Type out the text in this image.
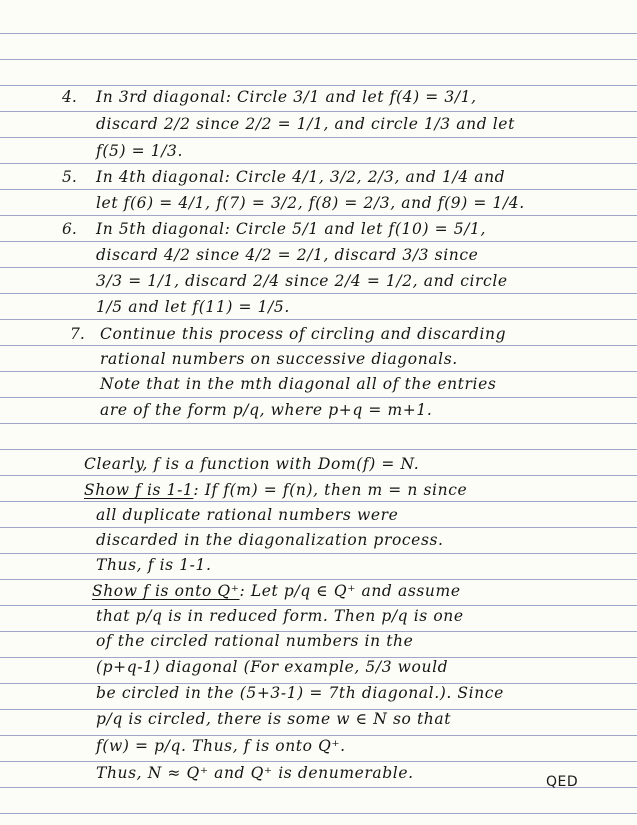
4. In 3rd diagonal: Circle 3/1 and let f(4) = 3/1,
discard 2/2 since 2/2 = 1/1, and circle 1/3 and let
f(5) = 1/3.
5. In 4th diagonal: Circle 4/1, 3/2, 2/3, and 1/4 and
let f(6) = 4/1, f(7) = 3/2, f(8) = 2/3, and f(9) = 1/4.
6. In 5th diagonal: Circle 5/1 and let f(10) = 5/1,
discard 4/2 since 4/2 = 2/1, discard 3/3 since
3/3 = 1/1, discard 2/4 since 2/4 = 1/2, and circle
1/5 and let f(11) = 1/5.
7. Continue this process of circling and discarding
rational numbers on successive diagonals.
Note that in the mth diagonal all of the entries
are of the form p/q, where p+q = m+1.
Clearly, f is a function with Dom(f) = N.
Show f is 1-1: If f(m) = f(n), then m = n since
all duplicate rational numbers were
discarded in the diagonalization process.
Thus, f is 1-1.
Show f is onto Q⁺: Let p/q ∈ Q⁺ and assume
that p/q is in reduced form. Then p/q is one
of the circled rational numbers in the
(p+q-1) diagonal (For example, 5/3 would
be circled in the (5+3-1) = 7th diagonal.). Since
p/q is circled, there is some w ∈ N so that
f(w) = p/q. Thus, f is onto Q⁺.
Thus, N ≈ Q⁺ and Q⁺ is denumerable.	QED
